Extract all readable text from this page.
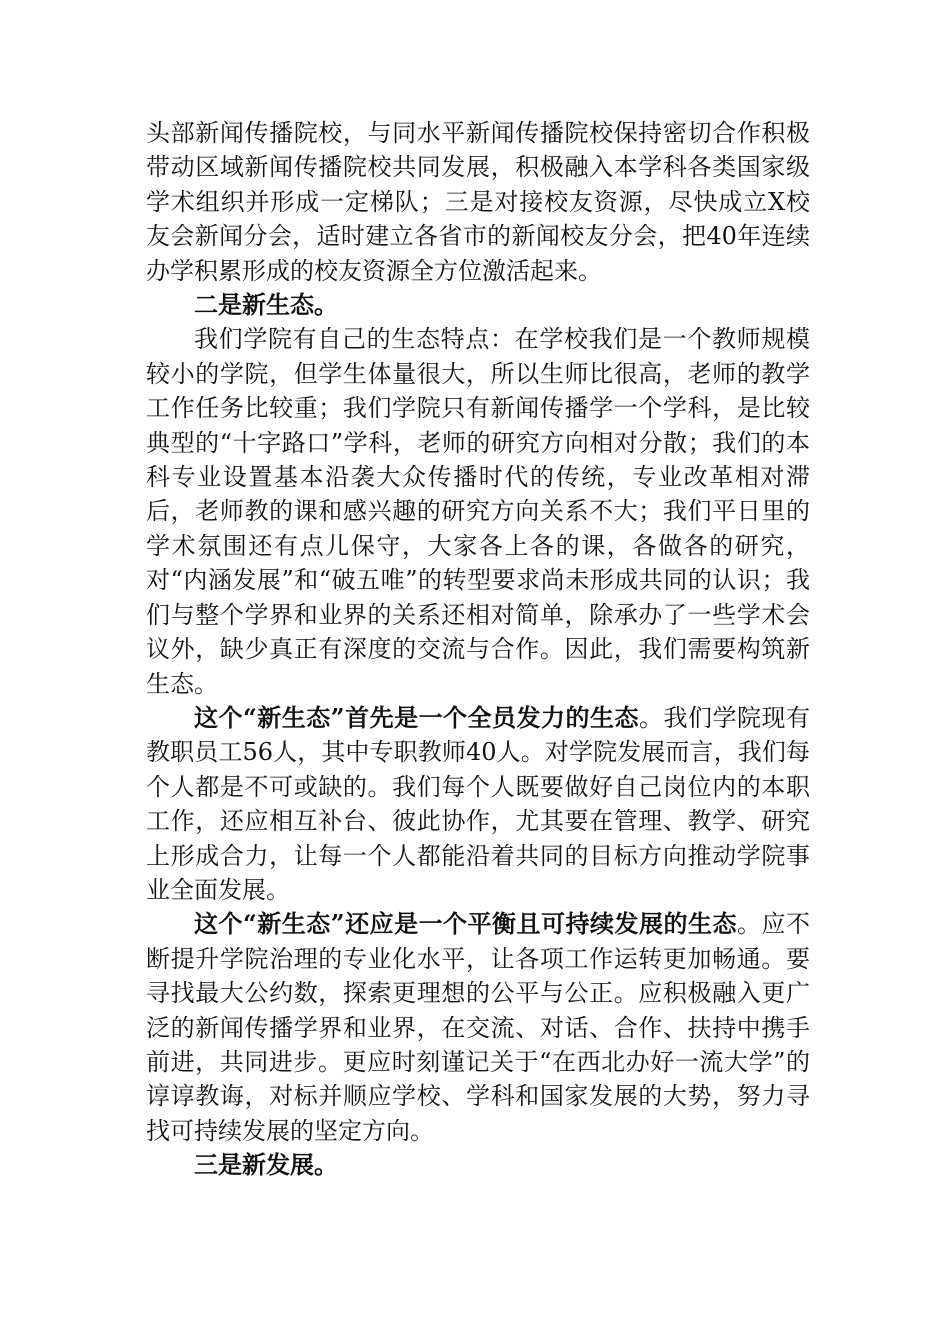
头部新闻传播院校，与同水平新闻传播院校保持密切合作积极带动区域新闻传播院校共同发展，积极融入本学科各类国家级学术组织并形成一定梯队；三是对接校友资源，尽快成立X校友会新闻分会，适时建立各省市的新闻校友分会，把40年连续办学积累形成的校友资源全方位激活起来。

二是新生态。

我们学院有自己的生态特点：在学校我们是一个教师规模较小的学院，但学生体量很大，所以生师比很高，老师的教学工作任务比较重；我们学院只有新闻传播学一个学科，是比较典型的“十字路口”学科，老师的研究方向相对分散；我们的本科专业设置基本沿袭大众传播时代的传统，专业改革相对滞后，老师教的课和感兴趣的研究方向关系不大；我们平日里的学术氛围还有点儿保守，大家各上各的课，各做各的研究，对“内涵发展”和“破五唯”的转型要求尚未形成共同的认识；我们与整个学界和业界的关系还相对简单，除承办了一些学术会议外，缺少真正有深度的交流与合作。因此，我们需要构筑新生态。

这个“新生态”首先是一个全员发力的生态。我们学院现有教职员工56人，其中专职教师40人。对学院发展而言，我们每个人都是不可或缺的。我们每个人既要做好自己岗位内的本职工作，还应相互补台、彼此协作，尤其要在管理、教学、研究上形成合力，让每一个人都能沿着共同的目标方向推动学院事业全面发展。

这个“新生态”还应是一个平衡且可持续发展的生态。应不断提升学院治理的专业化水平，让各项工作运转更加畅通。要寻找最大公约数，探索更理想的公平与公正。应积极融入更广泛的新闻传播学界和业界，在交流、对话、合作、扶持中携手前进，共同进步。更应时刻谨记关于“在西北办好一流大学”的谆谆教诲，对标并顺应学校、学科和国家发展的大势，努力寻找可持续发展的坚定方向。

三是新发展。
